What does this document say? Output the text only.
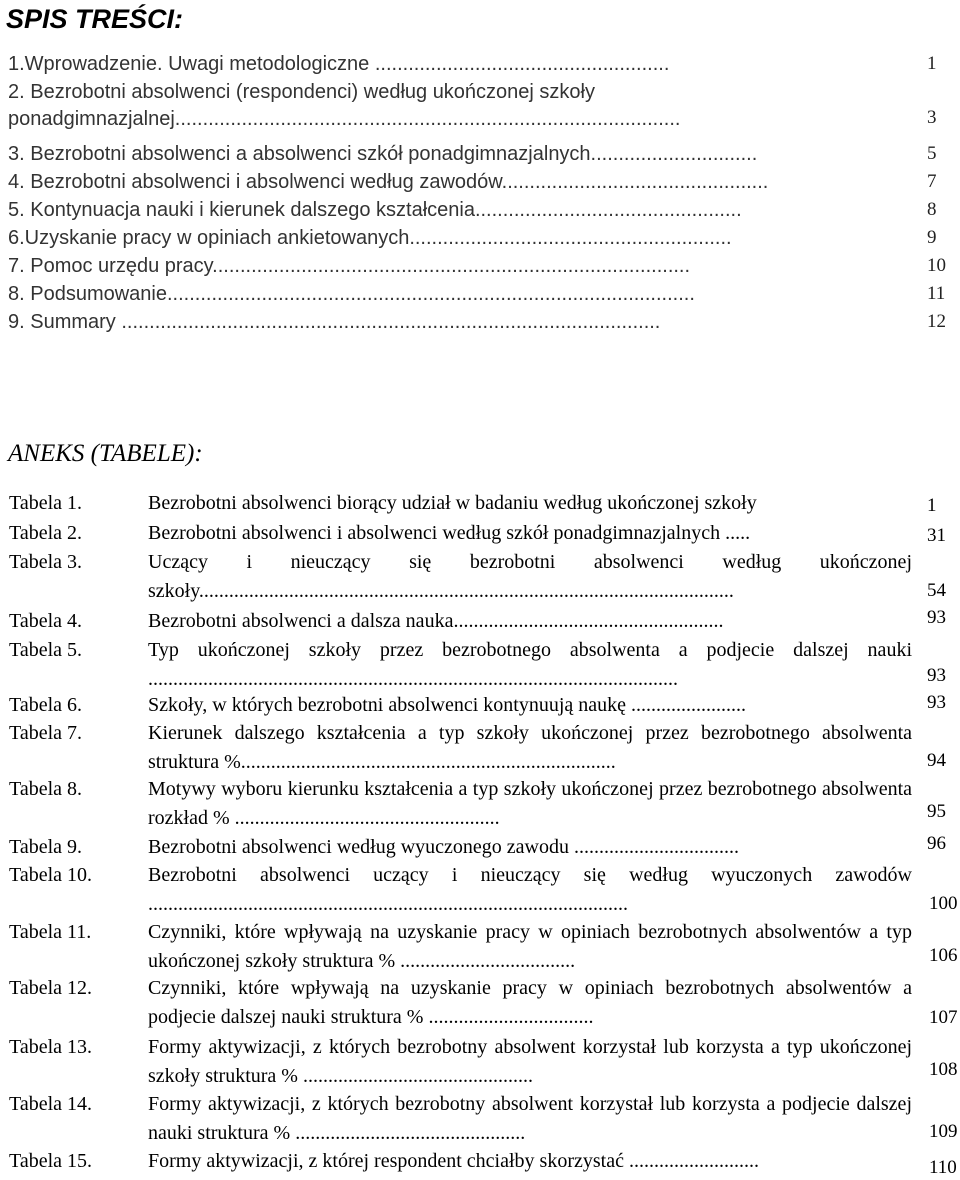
SPIS TREŚCI:
1.Wprowadzenie. Uwagi metodologiczne .....................................................	1
2. Bezrobotni absolwenci (respondenci) według ukończonej szkoły
ponadgimnazjalnej...........................................................................................	3
3. Bezrobotni absolwenci a absolwenci szkół ponadgimnazjalnych..............................	5
4. Bezrobotni absolwenci i absolwenci według zawodów................................................	7
5. Kontynuacja nauki i kierunek dalszego kształcenia................................................	8
6.Uzyskanie pracy w opiniach ankietowanych..........................................................	9
7. Pomoc urzędu pracy......................................................................................	10
8. Podsumowanie...............................................................................................	11
9. Summary .................................................................................................	12
ANEKS (TABELE):
Tabela 1.	Bezrobotni absolwenci biorący udział w badaniu według ukończonej szkoły	1
Tabela 2.	Bezrobotni absolwenci i absolwenci według szkół ponadgimnazjalnych .....	31
Tabela 3.	Uczący i nieuczący się bezrobotni absolwenci według ukończonej szkoły...........................................................................................................	54
Tabela 4.	Bezrobotni absolwenci a dalsza nauka......................................................	93
Tabela 5.	Typ ukończonej szkoły przez bezrobotnego absolwenta a podjecie dalszej nauki ..........................................................................................................	93
Tabela 6.	Szkoły, w których bezrobotni absolwenci kontynuują naukę .......................	93
Tabela 7.	Kierunek dalszego kształcenia a typ szkoły ukończonej przez bezrobotnego absolwenta struktura %...........................................................................	94
Tabela 8.	Motywy wyboru kierunku kształcenia a typ szkoły ukończonej przez bezrobotnego absolwenta rozkład % .....................................................	95
Tabela 9.	Bezrobotni absolwenci według wyuczonego zawodu .................................	96
Tabela 10.	Bezrobotni absolwenci uczący i nieuczący się według wyuczonych zawodów ................................................................................................	100
Tabela 11.	Czynniki, które wpływają na uzyskanie pracy w opiniach bezrobotnych absolwentów a typ ukończonej szkoły struktura % ...................................	106
Tabela 12.	Czynniki, które wpływają na uzyskanie pracy w opiniach bezrobotnych absolwentów a podjecie dalszej nauki struktura % .................................	107
Tabela 13.	Formy aktywizacji, z których bezrobotny absolwent korzystał lub korzysta a typ ukończonej szkoły struktura % ..............................................	108
Tabela 14.	Formy aktywizacji, z których bezrobotny absolwent korzystał lub korzysta a podjecie dalszej nauki struktura % ..............................................	109
Tabela 15.	Formy aktywizacji, z której respondent chciałby skorzystać ..........................	110
